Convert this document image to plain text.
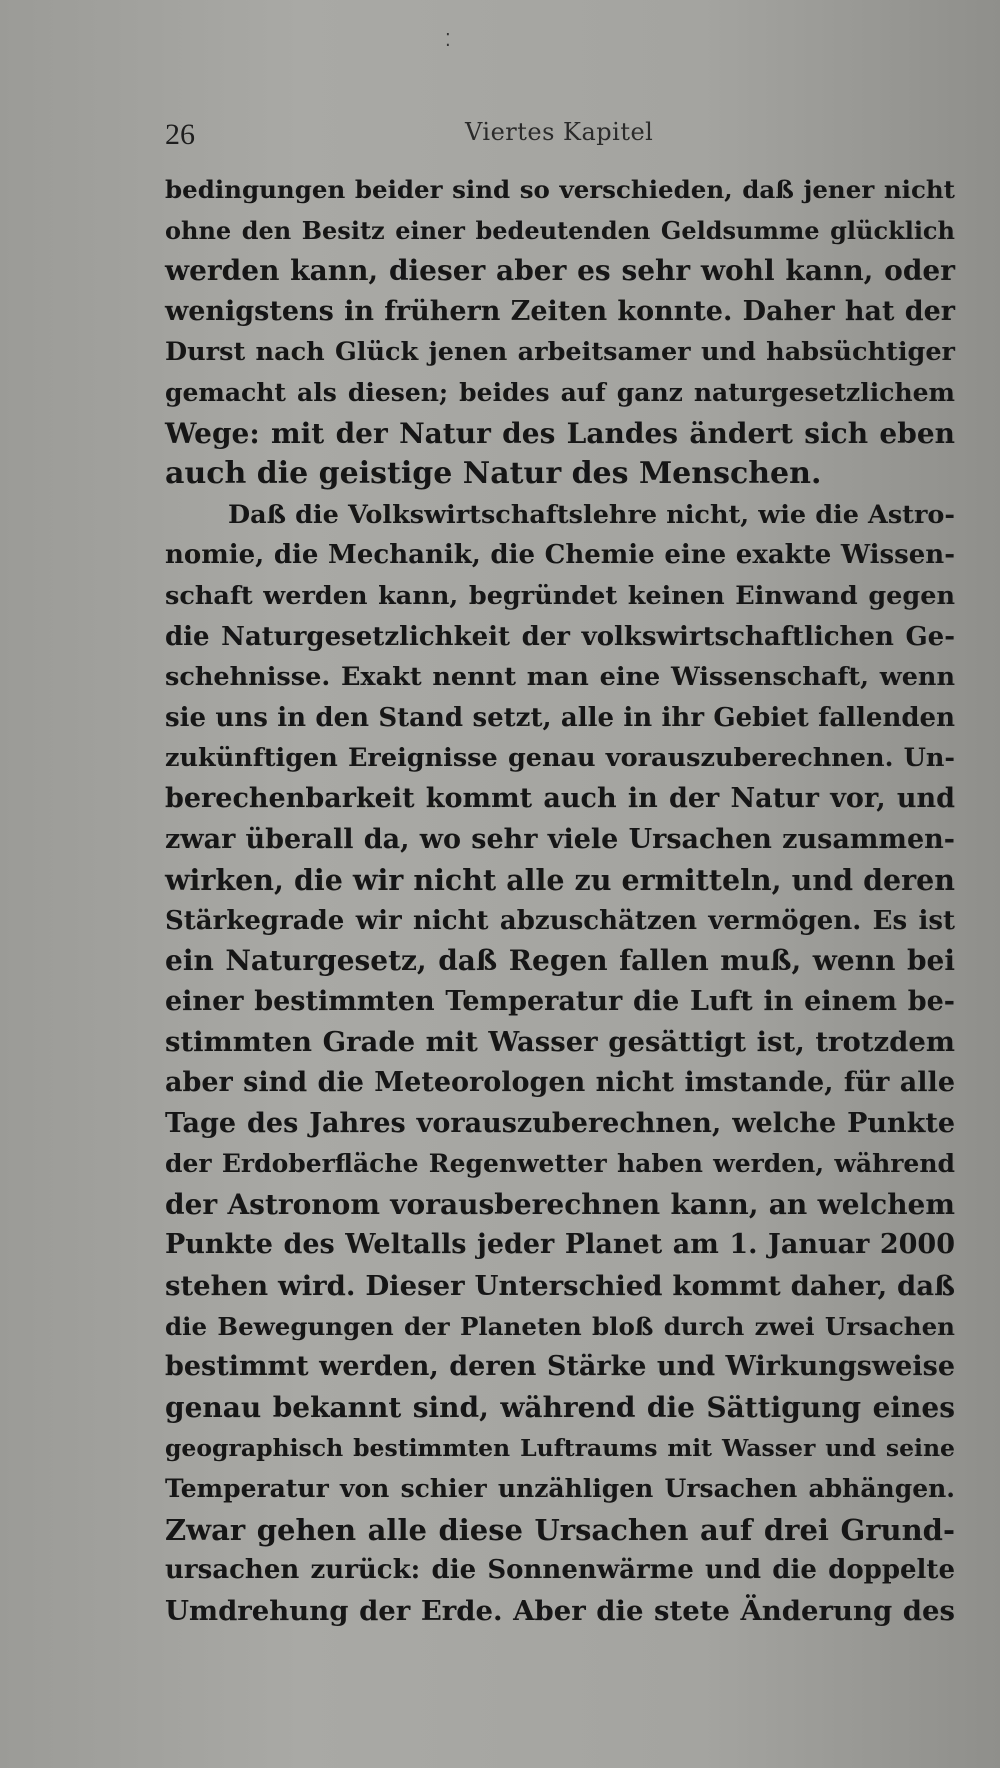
⁚
26	Viertes Kapitel
bedingungen beider sind so verschieden, daß jener nicht
ohne den Besitz einer bedeutenden Geldsumme glücklich
werden kann, dieser aber es sehr wohl kann, oder
wenigstens in frühern Zeiten konnte. Daher hat der
Durst nach Glück jenen arbeitsamer und habsüchtiger
gemacht als diesen; beides auf ganz naturgesetzlichem
Wege: mit der Natur des Landes ändert sich eben
auch die geistige Natur des Menschen.
Daß die Volkswirtschaftslehre nicht, wie die Astro-
nomie, die Mechanik, die Chemie eine exakte Wissen-
schaft werden kann, begründet keinen Einwand gegen
die Naturgesetzlichkeit der volkswirtschaftlichen Ge-
schehnisse. Exakt nennt man eine Wissenschaft, wenn
sie uns in den Stand setzt, alle in ihr Gebiet fallenden
zukünftigen Ereignisse genau vorauszuberechnen. Un-
berechenbarkeit kommt auch in der Natur vor, und
zwar überall da, wo sehr viele Ursachen zusammen-
wirken, die wir nicht alle zu ermitteln, und deren
Stärkegrade wir nicht abzuschätzen vermögen. Es ist
ein Naturgesetz, daß Regen fallen muß, wenn bei
einer bestimmten Temperatur die Luft in einem be-
stimmten Grade mit Wasser gesättigt ist, trotzdem
aber sind die Meteorologen nicht imstande, für alle
Tage des Jahres vorauszuberechnen, welche Punkte
der Erdoberfläche Regenwetter haben werden, während
der Astronom vorausberechnen kann, an welchem
Punkte des Weltalls jeder Planet am 1. Januar 2000
stehen wird. Dieser Unterschied kommt daher, daß
die Bewegungen der Planeten bloß durch zwei Ursachen
bestimmt werden, deren Stärke und Wirkungsweise
genau bekannt sind, während die Sättigung eines
geographisch bestimmten Luftraums mit Wasser und seine
Temperatur von schier unzähligen Ursachen abhängen.
Zwar gehen alle diese Ursachen auf drei Grund-
ursachen zurück: die Sonnenwärme und die doppelte
Umdrehung der Erde. Aber die stete Änderung des
